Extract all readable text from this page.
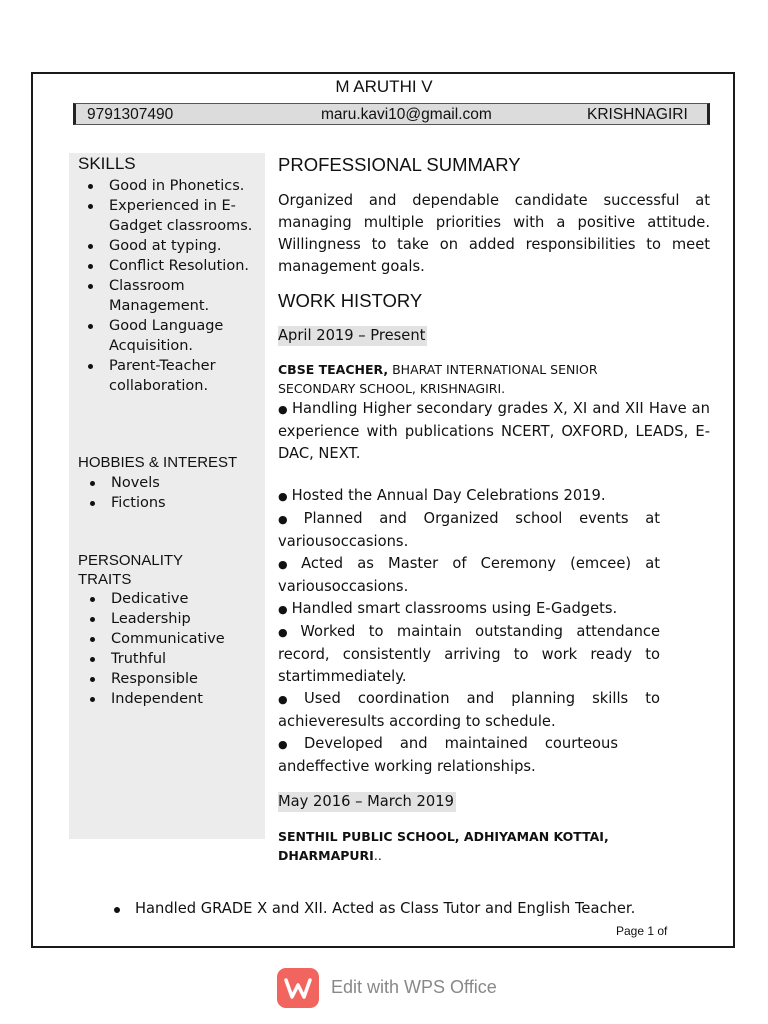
M ARUTHI V
9791307490	maru.kavi10@gmail.com	KRISHNAGIRI
SKILLS
Good in Phonetics.
Experienced in E-Gadget classrooms.
Good at typing.
Conflict Resolution.
Classroom Management.
Good Language Acquisition.
Parent-Teacher collaboration.
HOBBIES & INTEREST
Novels
Fictions
PERSONALITY
TRAITS
Dedicative
Leadership
Communicative
Truthful
Responsible
Independent
PROFESSIONAL SUMMARY
Organized and dependable candidate successful at managing multiple priorities with a positive attitude. Willingness to take on added responsibilities to meet management goals.
WORK HISTORY
April 2019 – Present
CBSE TEACHER, BHARAT INTERNATIONAL SENIOR SECONDARY SCHOOL, KRISHNAGIRI.
● Handling Higher secondary grades X, XI and XII Have an experience with publications NCERT, OXFORD, LEADS, E-DAC, NEXT.
● Hosted the Annual Day Celebrations 2019.
● Planned and Organized school events at variousoccasions.
● Acted as Master of Ceremony (emcee) at variousoccasions.
● Handled smart classrooms using E-Gadgets.
● Worked to maintain outstanding attendance record, consistently arriving to work ready to startimmediately.
● Used coordination and planning skills to achieveresults according to schedule.
● Developed and maintained courteous andeffective working relationships.
May 2016 – March 2019
SENTHIL PUBLIC SCHOOL, ADHIYAMAN KOTTAI, DHARMAPURI..
Handled GRADE X and XII. Acted as Class Tutor and English Teacher.
Page 1 of
Edit with WPS Office
